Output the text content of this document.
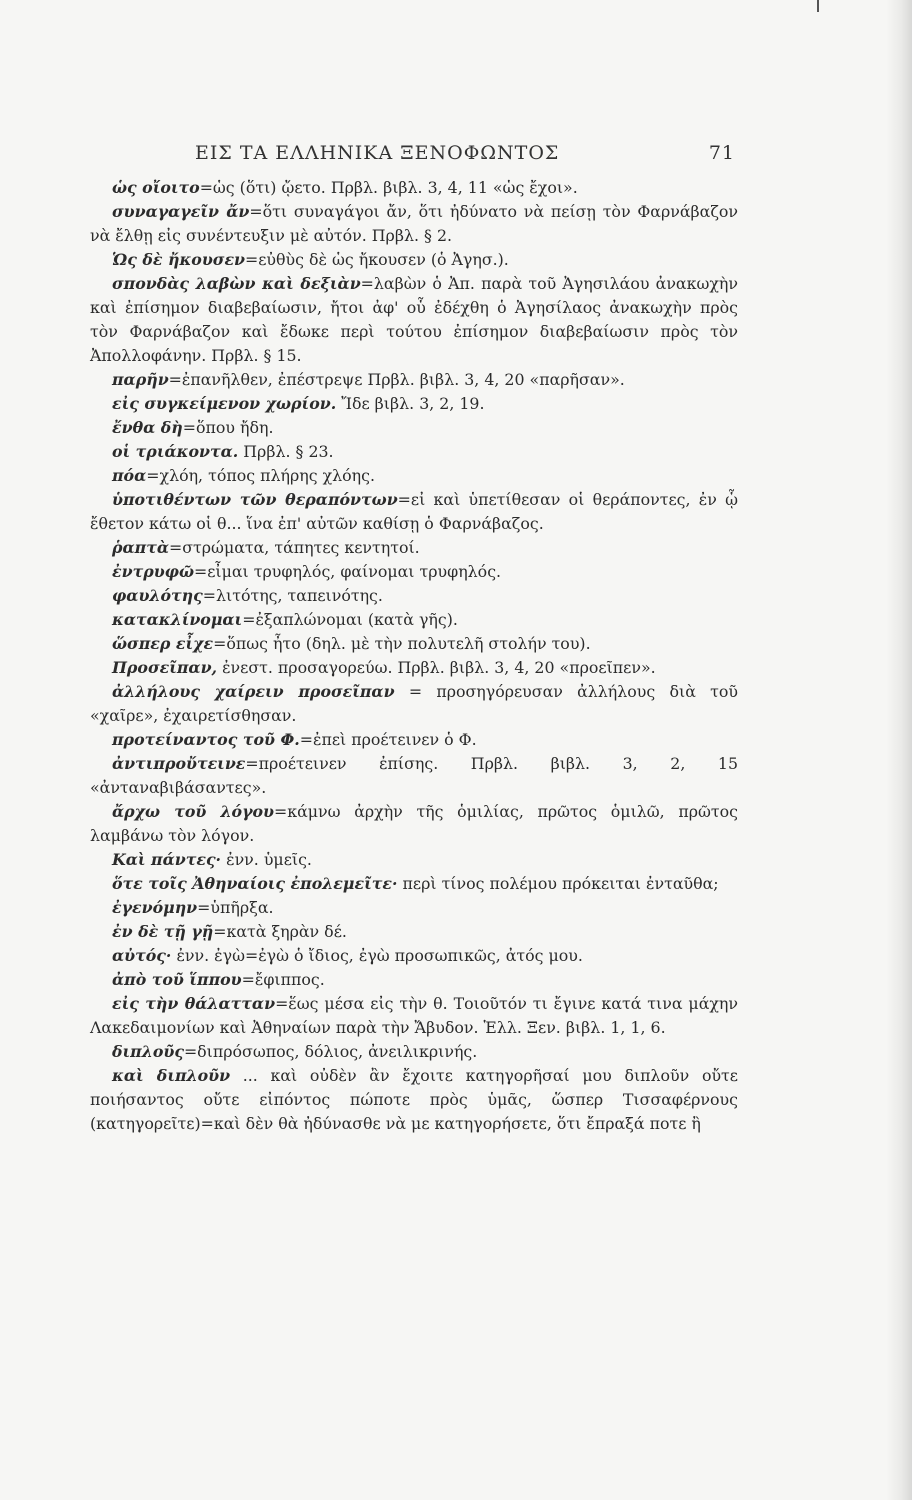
ΕΙΣ ΤΑ ΕΛΛΗΝΙΚΑ ΞΕΝΟΦΩΝΤΟΣ	71

ὡς οἴοιτο=ὡς (ὅτι) ᾤετο. Πρβλ. βιβλ. 3, 4, 11 «ὡς ἔχοι».

συναγαγεῖν ἄν=ὅτι συναγάγοι ἄν, ὅτι ἠδύνατο νὰ πείσῃ τὸν Φαρνάβαζον νὰ ἔλθῃ εἰς συνέντευξιν μὲ αὐτόν. Πρβλ. § 2.

Ὡς δὲ ἤκουσεν=εὐθὺς δὲ ὡς ἤκουσεν (ὁ Ἀγησ.).

σπονδὰς λαβὼν καὶ δεξιὰν=λαβὼν ὁ Ἀπ. παρὰ τοῦ Ἀγησιλάου ἀνακωχὴν καὶ ἐπίσημον διαβεβαίωσιν, ἤτοι ἀφ' οὗ ἐδέχθη ὁ Ἀγησίλαος ἀνακωχὴν πρὸς τὸν Φαρνάβαζον καὶ ἔδωκε περὶ τούτου ἐπίσημον διαβεβαίωσιν πρὸς τὸν Ἀπολλοφάνην. Πρβλ. § 15.

παρῆν=ἐπανῆλθεν, ἐπέστρεψε Πρβλ. βιβλ. 3, 4, 20 «παρῆσαν».

εἰς συγκείμενον χωρίον. Ἴδε βιβλ. 3, 2, 19.

ἔνθα δὴ=ὅπου ἤδη.

οἱ τριάκοντα. Πρβλ. § 23.

πόα=χλόη, τόπος πλήρης χλόης.

ὑποτιθέντων τῶν θεραπόντων=εἰ καὶ ὑπετίθεσαν οἱ θεράποντες, ἐν ᾧ ἔθετον κάτω οἱ θ... ἵνα ἐπ' αὐτῶν καθίσῃ ὁ Φαρνάβαζος.

ῥαπτὰ=στρώματα, τάπητες κεντητοί.

ἐντρυφῶ=εἶμαι τρυφηλός, φαίνομαι τρυφηλός.

φαυλότης=λιτότης, ταπεινότης.

κατακλίνομαι=ἐξαπλώνομαι (κατὰ γῆς).

ὥσπερ εἶχε=ὅπως ἦτο (δηλ. μὲ τὴν πολυτελῆ στολήν του).

Προσεῖπαν, ἐνεστ. προσαγορεύω. Πρβλ. βιβλ. 3, 4, 20 «προεῖπεν».

ἀλλήλους χαίρειν προσεῖπαν = προσηγόρευσαν ἀλλήλους διὰ τοῦ «χαῖρε», ἐχαιρετίσθησαν.

προτείναντος τοῦ Φ.=ἐπεὶ προέτεινεν ὁ Φ.

ἀντιπροὔτεινε=προέτεινεν ἐπίσης. Πρβλ. βιβλ. 3, 2, 15 «ἀνταναβιβάσαντες».

ἄρχω τοῦ λόγου=κάμνω ἀρχὴν τῆς ὁμιλίας, πρῶτος ὁμιλῶ, πρῶτος λαμβάνω τὸν λόγον.

Καὶ πάντες· ἐνν. ὑμεῖς.

ὅτε τοῖς Ἀθηναίοις ἐπολεμεῖτε· περὶ τίνος πολέμου πρόκειται ἐνταῦθα;

ἐγενόμην=ὑπῆρξα.

ἐν δὲ τῇ γῇ=κατὰ ξηρὰν δέ.

αὐτός· ἐνν. ἐγὼ=ἐγὼ ὁ ἴδιος, ἐγὼ προσωπικῶς, ἀτός μου.

ἀπὸ τοῦ ἵππου=ἔφιππος.

εἰς τὴν θάλατταν=ἕως μέσα εἰς τὴν θ. Τοιοῦτόν τι ἔγινε κατά τινα μάχην Λακεδαιμονίων καὶ Ἀθηναίων παρὰ τὴν Ἄβυδον. Ἑλλ. Ξεν. βιβλ. 1, 1, 6.

διπλοῦς=διπρόσωπος, δόλιος, ἀνειλικρινής.

καὶ διπλοῦν ... καὶ οὐδὲν ἂν ἔχοιτε κατηγορῆσαί μου διπλοῦν οὔτε ποιήσαντος οὔτε εἰπόντος πώποτε πρὸς ὑμᾶς, ὥσπερ Τισσαφέρνους (κατηγορεῖτε)=καὶ δὲν θὰ ἠδύνασθε νὰ με κατηγορήσετε, ὅτι ἔπραξά ποτε ἢ
